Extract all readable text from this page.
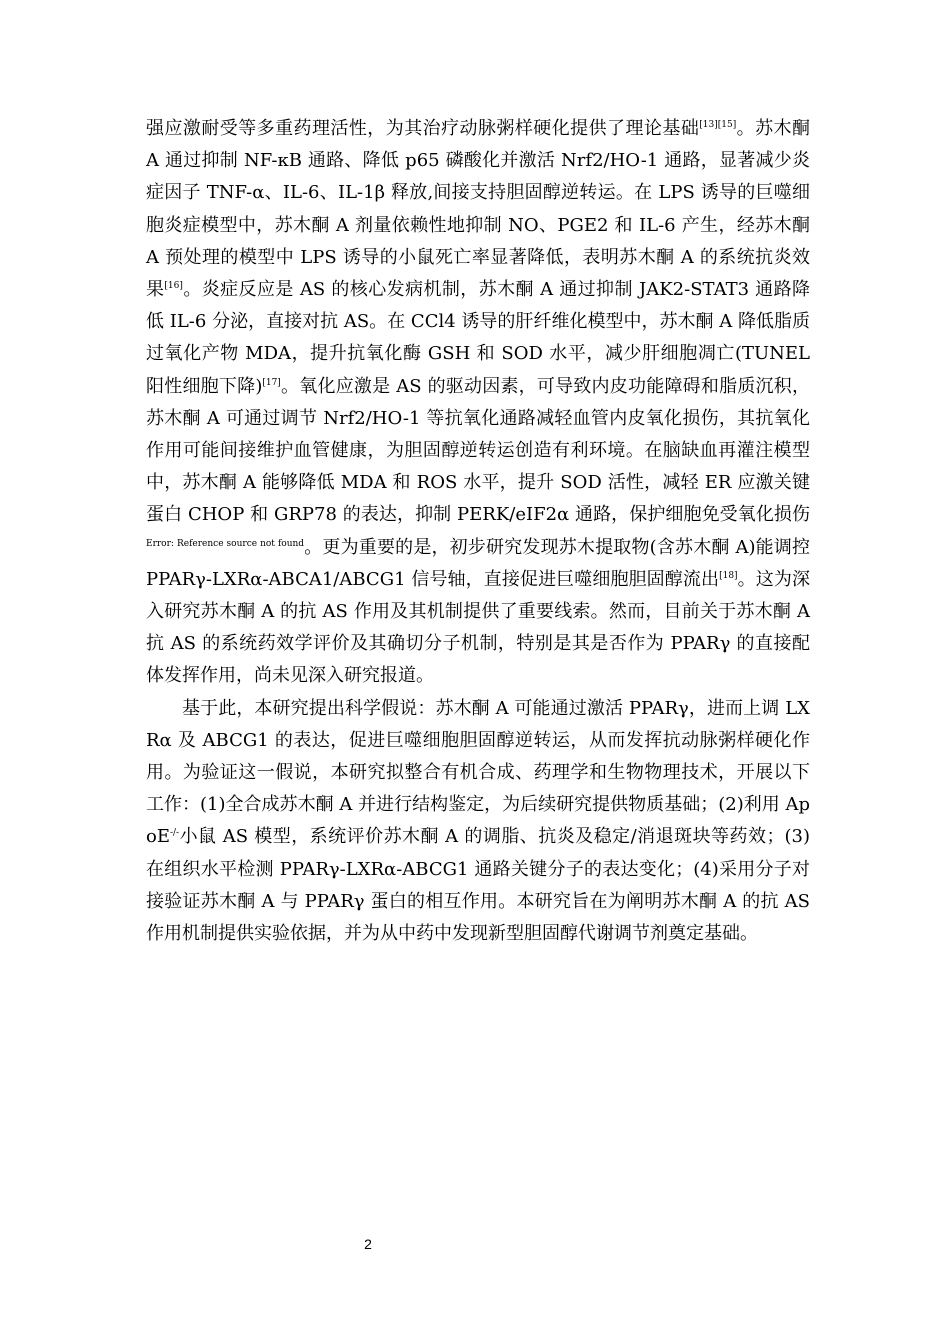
强应激耐受等多重药理活性，为其治疗动脉粥样硬化提供了理论基础[13][15]。苏木酮 A 通过抑制 NF-κB 通路、降低 p65 磷酸化并激活 Nrf2/HO-1 通路，显著减少炎症因子 TNF-α、IL-6、IL-1β 释放,间接支持胆固醇逆转运。在 LPS 诱导的巨噬细胞炎症模型中，苏木酮 A 剂量依赖性地抑制 NO、PGE2 和 IL-6 产生，经苏木酮 A 预处理的模型中 LPS 诱导的小鼠死亡率显著降低，表明苏木酮 A 的系统抗炎效果[16]。炎症反应是 AS 的核心发病机制，苏木酮 A 通过抑制 JAK2-STAT3 通路降低 IL-6 分泌，直接对抗 AS。在 CCl4 诱导的肝纤维化模型中，苏木酮 A 降低脂质过氧化产物 MDA，提升抗氧化酶 GSH 和 SOD 水平，减少肝细胞凋亡(TUNEL 阳性细胞下降)[17]。氧化应激是 AS 的驱动因素，可导致内皮功能障碍和脂质沉积，苏木酮 A 可通过调节 Nrf2/HO-1 等抗氧化通路减轻血管内皮氧化损伤，其抗氧化作用可能间接维护血管健康，为胆固醇逆转运创造有利环境。在脑缺血再灌注模型中，苏木酮 A 能够降低 MDA 和 ROS 水平，提升 SOD 活性，减轻 ER 应激关键蛋白 CHOP 和 GRP78 的表达，抑制 PERK/eIF2α 通路，保护细胞免受氧化损伤$^{Error: Reference source not found}$。更为重要的是，初步研究发现苏木提取物(含苏木酮 A)能调控 PPARγ-LXRα-ABCA1/ABCG1 信号轴，直接促进巨噬细胞胆固醇流出[18]。这为深入研究苏木酮 A 的抗 AS 作用及其机制提供了重要线索。然而，目前关于苏木酮 A 抗 AS 的系统药效学评价及其确切分子机制，特别是其是否作为 PPARγ 的直接配体发挥作用，尚未见深入研究报道。

基于此，本研究提出科学假说：苏木酮 A 可能通过激活 PPARγ，进而上调 LXRα 及 ABCG1 的表达，促进巨噬细胞胆固醇逆转运，从而发挥抗动脉粥样硬化作用。为验证这一假说，本研究拟整合有机合成、药理学和生物物理技术，开展以下工作：(1)全合成苏木酮 A 并进行结构鉴定，为后续研究提供物质基础；(2)利用 ApoE-/-小鼠 AS 模型，系统评价苏木酮 A 的调脂、抗炎及稳定/消退斑块等药效；(3)在组织水平检测 PPARγ-LXRα-ABCG1 通路关键分子的表达变化；(4)采用分子对接验证苏木酮 A 与 PPARγ 蛋白的相互作用。本研究旨在为阐明苏木酮 A 的抗 AS 作用机制提供实验依据，并为从中药中发现新型胆固醇代谢调节剂奠定基础。

2
